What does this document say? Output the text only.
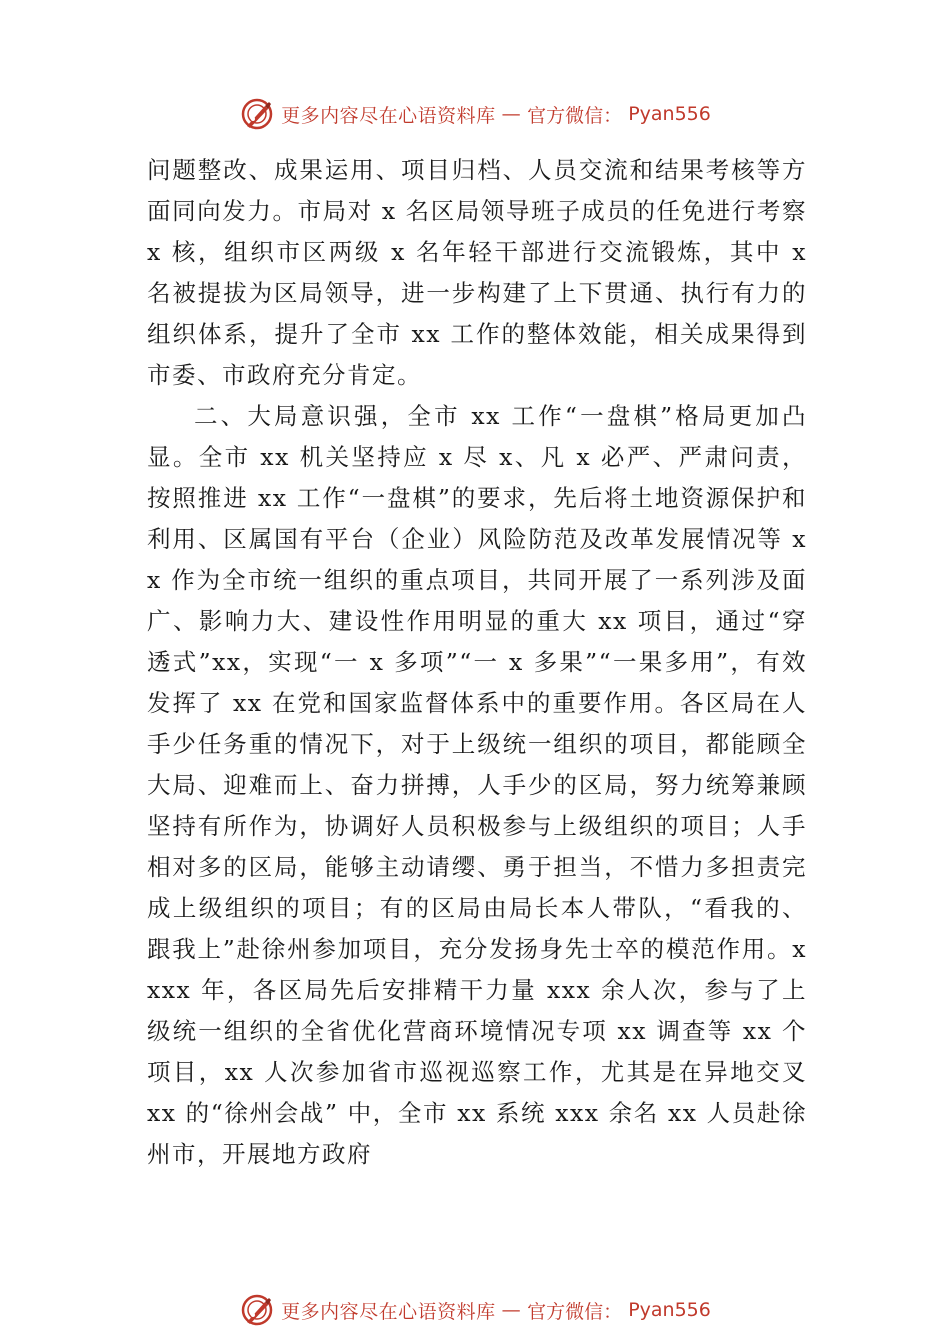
更多内容尽在心语资料库 — 官方微信： Pyan556

问题整改、成果运用、项目归档、人员交流和结果考核等方面同向发力。市局对 x 名区局领导班子成员的任免进行考察 x 核，组织市区两级 x 名年轻干部进行交流锻炼，其中 x 名被提拔为区局领导，进一步构建了上下贯通、执行有力的组织体系，提升了全市 xx 工作的整体效能，相关成果得到市委、市政府充分肯定。

二、大局意识强，全市 xx 工作“一盘棋”格局更加凸显。全市 xx 机关坚持应 x 尽 x、凡 x 必严、严肃问责，按照推进 xx 工作“一盘棋”的要求，先后将土地资源保护和利用、区属国有平台（企业）风险防范及改革发展情况等 xx 作为全市统一组织的重点项目，共同开展了一系列涉及面广、影响力大、建设性作用明显的重大 xx 项目，通过“穿透式”xx，实现“一 x 多项”“一 x 多果”“一果多用”，有效发挥了 xx 在党和国家监督体系中的重要作用。各区局在人手少任务重的情况下，对于上级统一组织的项目，都能顾全大局、迎难而上、奋力拼搏，人手少的区局，努力统筹兼顾坚持有所作为，协调好人员积极参与上级组织的项目；人手相对多的区局，能够主动请缨、勇于担当，不惜力多担责完成上级组织的项目；有的区局由局长本人带队，“看我的、跟我上”赴徐州参加项目，充分发扬身先士卒的模范作用。xxxx 年，各区局先后安排精干力量 xxx 余人次，参与了上级统一组织的全省优化营商环境情况专项 xx 调查等 xx 个项目，xx 人次参加省市巡视巡察工作，尤其是在异地交叉 xx 的“徐州会战” 中，全市 xx 系统 xxx 余名 xx 人员赴徐州市，开展地方政府

更多内容尽在心语资料库 — 官方微信： Pyan556
